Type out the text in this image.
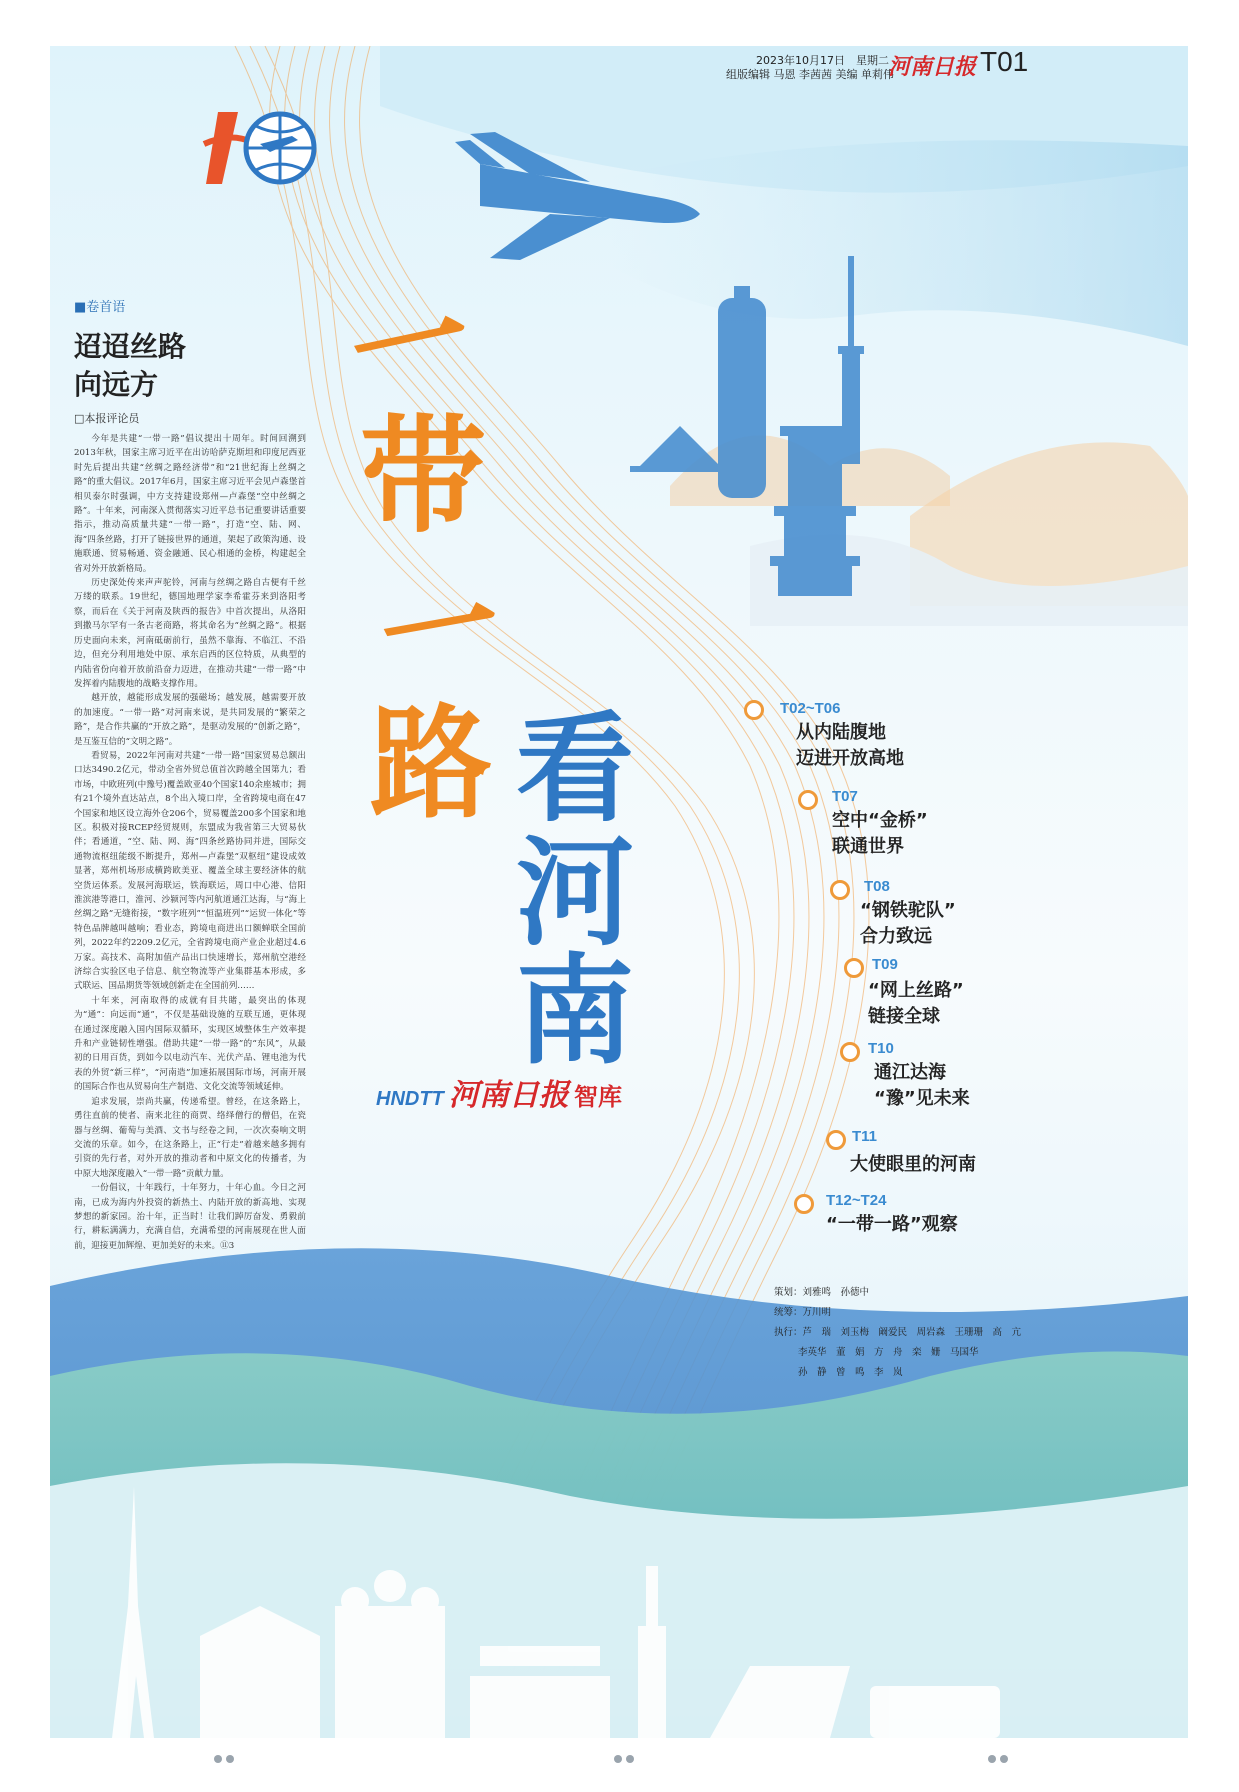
2023年10月17日　星期二
组版编辑 马恩 李茜茜 美编 单莉伟
河南日报 T01
■卷首语
迢迢丝路
向远方
□本报评论员

今年是共建“一带一路”倡议提出十周年。时间回溯到2013年秋，国家主席习近平在出访哈萨克斯坦和印度尼西亚时先后提出共建“丝绸之路经济带”和“21世纪海上丝绸之路”的重大倡议。2017年6月，国家主席习近平会见卢森堡首相贝泰尔时强调，中方支持建设郑州—卢森堡“空中丝绸之路”。十年来，河南深入贯彻落实习近平总书记重要讲话重要指示，推动高质量共建“一带一路”，打造“空、陆、网、海”四条丝路，打开了链接世界的通道，架起了政策沟通、设施联通、贸易畅通、资金融通、民心相通的金桥，构建起全省对外开放新格局。

历史深处传来声声驼铃，河南与丝绸之路自古便有千丝万缕的联系。19世纪，德国地理学家李希霍芬来到洛阳考察，而后在《关于河南及陕西的报告》中首次提出，从洛阳到撒马尔罕有一条古老商路，将其命名为“丝绸之路”。根据历史面向未来，河南砥砺前行，虽然不靠海、不临江、不沿边，但充分利用地处中原、承东启西的区位特质，从典型的内陆省份向着开放前沿奋力迈进，在推动共建“一带一路”中发挥着内陆腹地的战略支撑作用。

越开放，越能形成发展的强磁场；越发展，越需要开放的加速度。“一带一路”对河南来说，是共同发展的“繁荣之路”，是合作共赢的“开放之路”，是驱动发展的“创新之路”，是互鉴互信的“文明之路”。

看贸易，2022年河南对共建“一带一路”国家贸易总额出口达3490.2亿元，带动全省外贸总值首次跨越全国第九；看市场，中欧班列(中豫号)覆盖欧亚40个国家140余座城市；拥有21个境外直达站点，8个出入境口岸，全省跨境电商在47个国家和地区设立海外仓206个，贸易覆盖200多个国家和地区。积极对接RCEP经贸规则，东盟成为我省第三大贸易伙伴；看通道，“空、陆、网、海”四条丝路协同并进，国际交通物流枢纽能级不断提升，郑州—卢森堡“双枢纽”建设成效显著，郑州机场形成横跨欧美亚、覆盖全球主要经济体的航空货运体系。发展河海联运，铁海联运，周口中心港、信阳淮滨港等港口，淮河、沙颍河等内河航道通江达海，与“海上丝绸之路”无缝衔接，“数字班列”“恒温班列”“运贸一体化”等特色品牌越叫越响；看业态，跨境电商进出口额蝉联全国前列，2022年约2209.2亿元，全省跨境电商产业企业超过4.6万家。高技术、高附加值产品出口快速增长，郑州航空港经济综合实验区电子信息、航空物流等产业集群基本形成，多式联运、国品期货等领域创新走在全国前列……

十年来，河南取得的成就有目共睹，最突出的体现为“通”：向远而“通”，不仅是基础设施的互联互通，更体现在通过深度融入国内国际双循环，实现区域整体生产效率提升和产业链韧性增强。借助共建“一带一路”的“东风”，从最初的日用百货，到如今以电动汽车、光伏产品、锂电池为代表的外贸“新三样”，“河南造”加速拓展国际市场，河南开展的国际合作也从贸易向生产制造、文化交流等领域延伸。

追求发展，崇尚共赢，传递希望。曾经，在这条路上，勇往直前的使者、南来北往的商贾、络绎僧行的僧侣，在瓷器与丝绸、葡萄与美酒、文书与经卷之间，一次次奏响文明交流的乐章。如今，在这条路上，正“行走”着越来越多拥有引资的先行者，对外开放的推动者和中原文化的传播者，为中原大地深度融入“一带一路”贡献力量。

一份倡议，十年践行，十年努力，十年心血。今日之河南，已成为海内外投资的新热土、内陆开放的新高地、实现梦想的新家园。治十年，正当时！让我们踔厉奋发、勇毅前行，耕耘满满力，充满自信，充满希望的河南展现在世人面前，迎接更加辉煌、更加美好的未来。⑪3

一
带
一
路 看
河
南
HNDTT 河南日报 智库
T02~T06
从内陆腹地
迈进开放高地
T07
空中“金桥”
联通世界
T08
“钢铁驼队”
合力致远
T09
“网上丝路”
链接全球
T10
通江达海
“豫”见未来
T11
大使眼里的河南
T12~T24
“一带一路”观察
策划：刘雅鸣　孙德中
统筹：万川明
执行：芦　瑞　刘玉梅　阚爱民　周岩森　王珊珊　高　亢
李英华　董　娟　方　舟　栾　姗　马国华
孙　静　曾　鸣　李　岚
